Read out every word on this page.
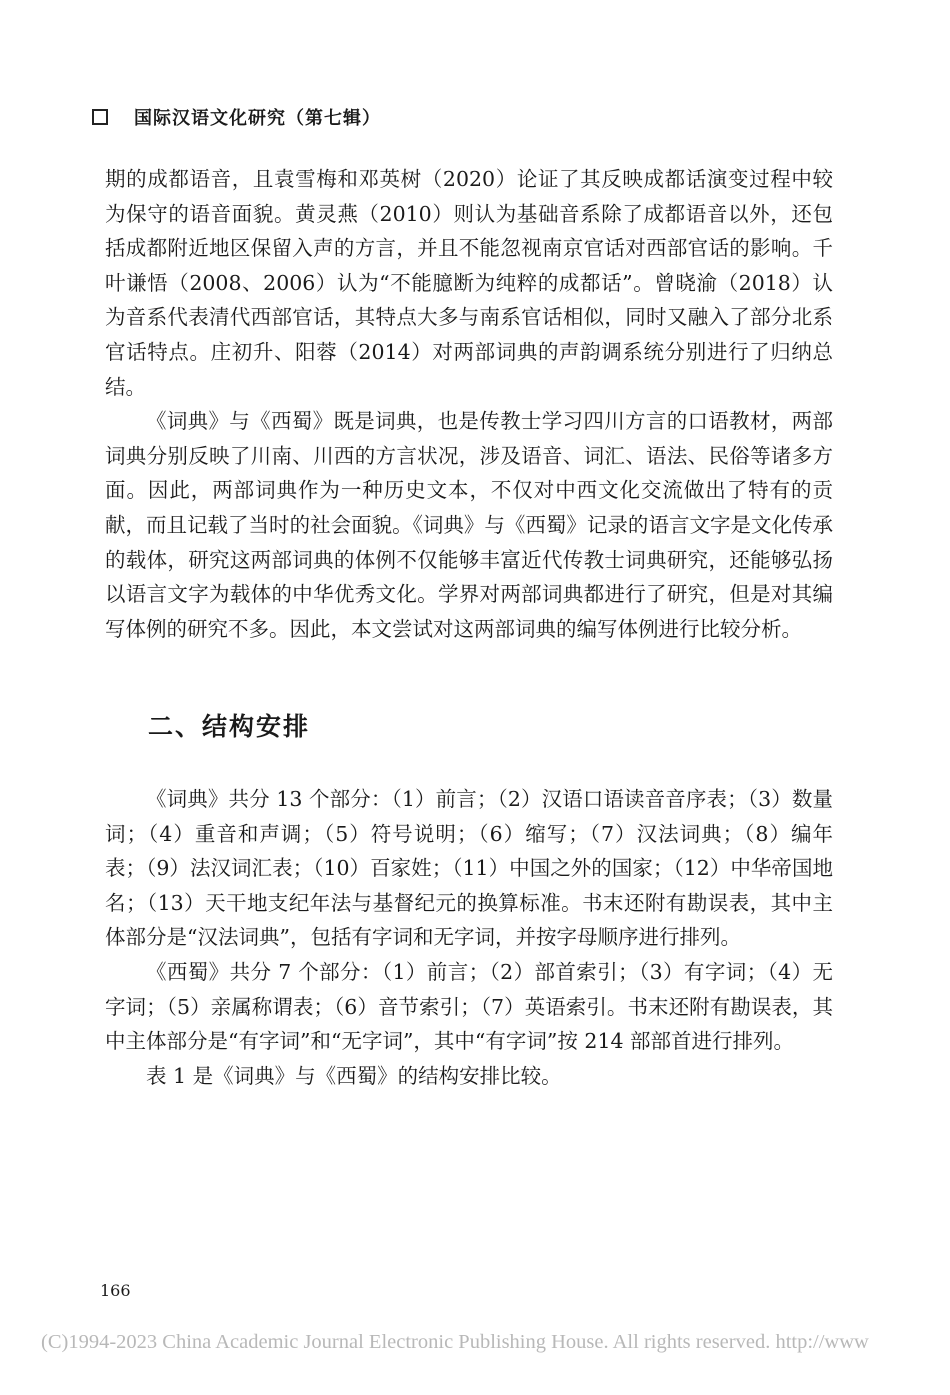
国际汉语文化研究（第七辑）

期的成都语音，且袁雪梅和邓英树（2020）论证了其反映成都话演变过程中较为保守的语音面貌。黄灵燕（2010）则认为基础音系除了成都语音以外，还包括成都附近地区保留入声的方言，并且不能忽视南京官话对西部官话的影响。千叶谦悟（2008、2006）认为“不能臆断为纯粹的成都话”。曾晓渝（2018）认为音系代表清代西部官话，其特点大多与南系官话相似，同时又融入了部分北系官话特点。庄初升、阳蓉（2014）对两部词典的声韵调系统分别进行了归纳总结。

《词典》与《西蜀》既是词典，也是传教士学习四川方言的口语教材，两部词典分别反映了川南、川西的方言状况，涉及语音、词汇、语法、民俗等诸多方面。因此，两部词典作为一种历史文本，不仅对中西文化交流做出了特有的贡献，而且记载了当时的社会面貌。《词典》与《西蜀》记录的语言文字是文化传承的载体，研究这两部词典的体例不仅能够丰富近代传教士词典研究，还能够弘扬以语言文字为载体的中华优秀文化。学界对两部词典都进行了研究，但是对其编写体例的研究不多。因此，本文尝试对这两部词典的编写体例进行比较分析。

二、结构安排

《词典》共分 13 个部分：（1）前言；（2）汉语口语读音音序表；（3）数量词；（4）重音和声调；（5）符号说明；（6）缩写；（7）汉法词典；（8）编年表；（9）法汉词汇表；（10）百家姓；（11）中国之外的国家；（12）中华帝国地名；（13）天干地支纪年法与基督纪元的换算标准。书末还附有勘误表，其中主体部分是“汉法词典”，包括有字词和无字词，并按字母顺序进行排列。

《西蜀》共分 7 个部分：（1）前言；（2）部首索引；（3）有字词；（4）无字词；（5）亲属称谓表；（6）音节索引；（7）英语索引。书末还附有勘误表，其中主体部分是“有字词”和“无字词”，其中“有字词”按 214 部部首进行排列。

表 1 是《词典》与《西蜀》的结构安排比较。

166
(C)1994-2023 China Academic Journal Electronic Publishing House. All rights reserved. http://www
